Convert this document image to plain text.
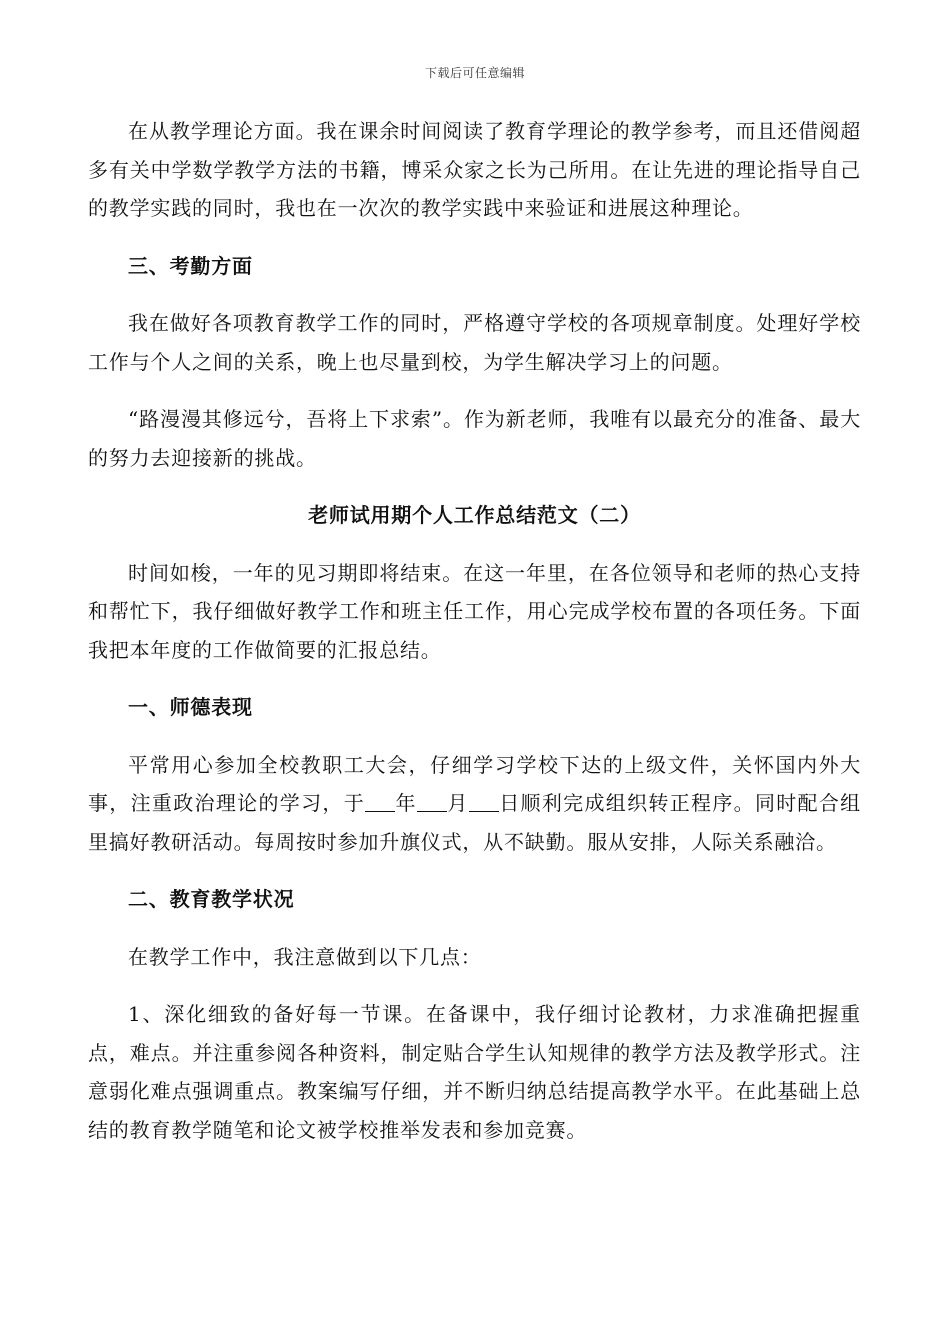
下载后可任意编辑

在从教学理论方面。我在课余时间阅读了教育学理论的教学参考，而且还借阅超多有关中学数学教学方法的书籍，博采众家之长为己所用。在让先进的理论指导自己的教学实践的同时，我也在一次次的教学实践中来验证和进展这种理论。

三、考勤方面

我在做好各项教育教学工作的同时，严格遵守学校的各项规章制度。处理好学校工作与个人之间的关系，晚上也尽量到校，为学生解决学习上的问题。

“路漫漫其修远兮，吾将上下求索”。作为新老师，我唯有以最充分的准备、最大的努力去迎接新的挑战。

老师试用期个人工作总结范文（二）

时间如梭，一年的见习期即将结束。在这一年里，在各位领导和老师的热心支持和帮忙下，我仔细做好教学工作和班主任工作，用心完成学校布置的各项任务。下面我把本年度的工作做简要的汇报总结。

一、师德表现

平常用心参加全校教职工大会，仔细学习学校下达的上级文件，关怀国内外大事，注重政治理论的学习，于 年 月 日顺利完成组织转正程序。同时配合组里搞好教研活动。每周按时参加升旗仪式，从不缺勤。服从安排，人际关系融洽。

二、教育教学状况

在教学工作中，我注意做到以下几点：

1、深化细致的备好每一节课。在备课中，我仔细讨论教材，力求准确把握重点，难点。并注重参阅各种资料，制定贴合学生认知规律的教学方法及教学形式。注意弱化难点强调重点。教案编写仔细，并不断归纳总结提高教学水平。在此基础上总结的教育教学随笔和论文被学校推举发表和参加竞赛。
